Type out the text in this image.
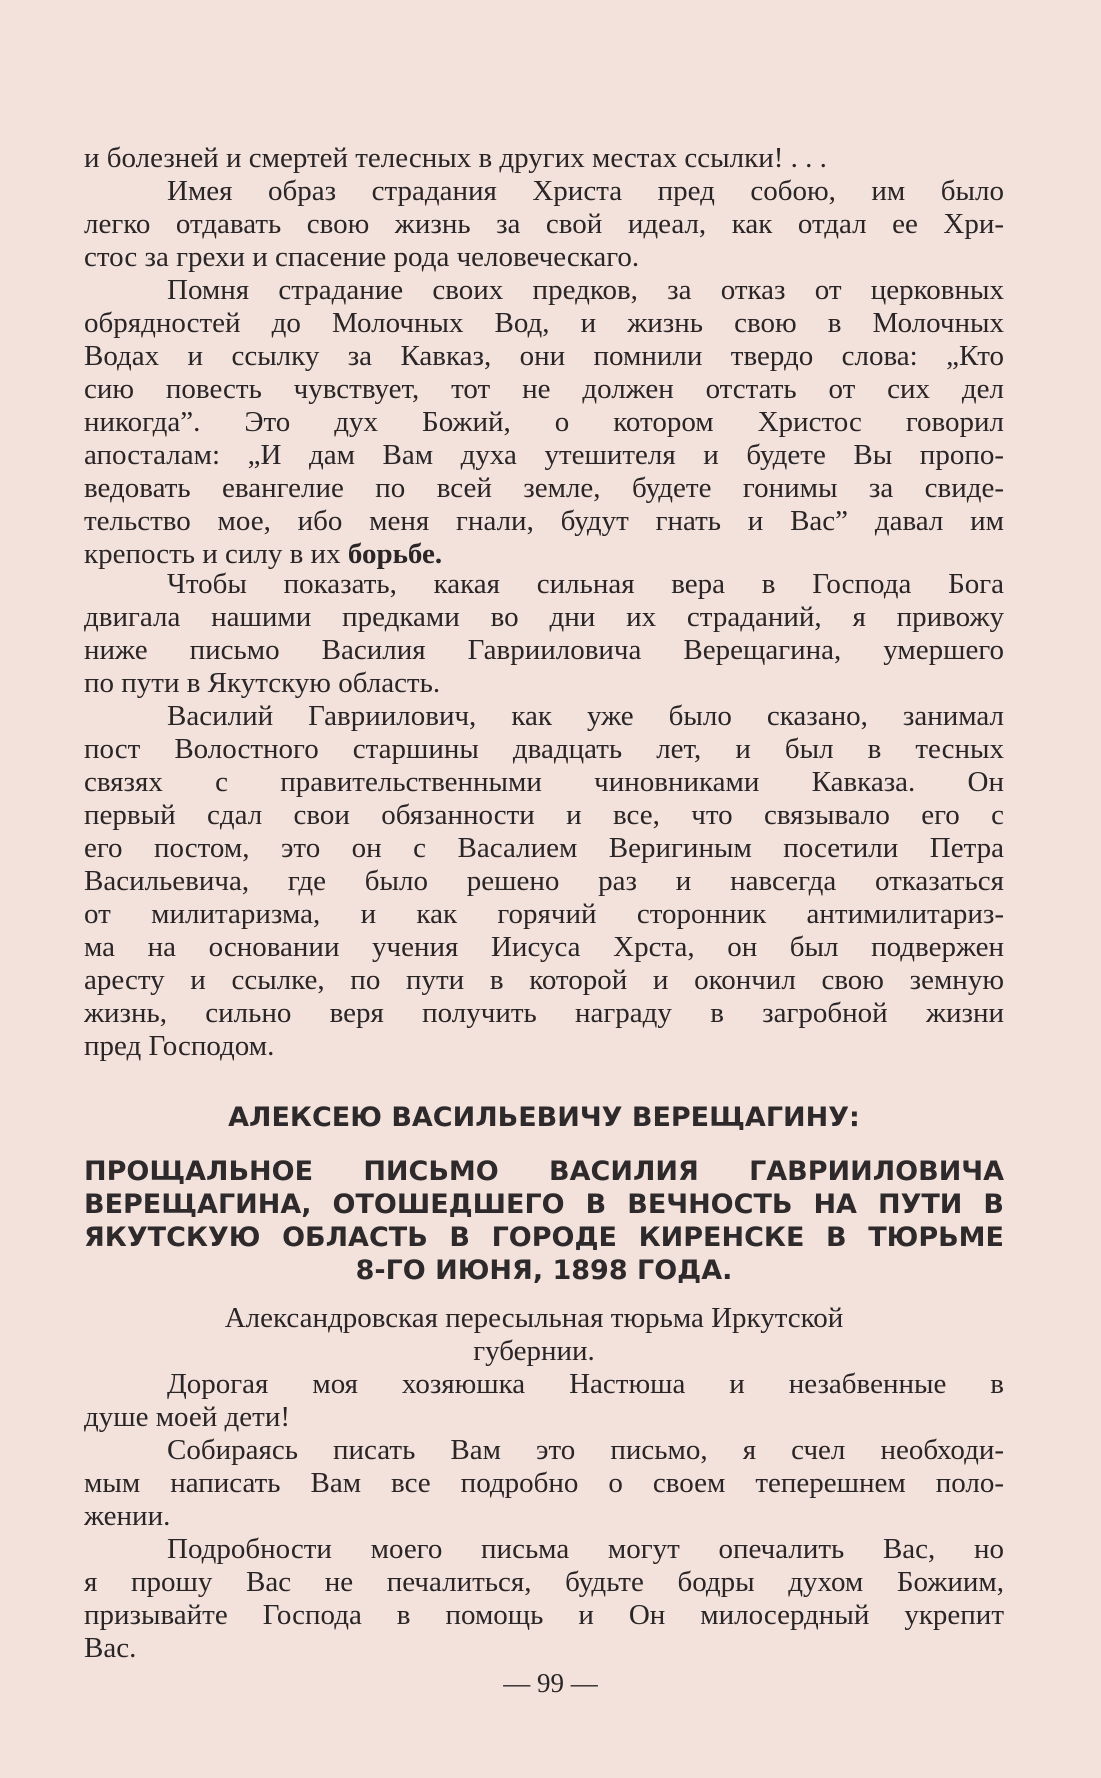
и болезней и смертей телесных в других местах ссылки! . . .
Имея образ страдания Христа пред собою, им было
легко отдавать свою жизнь за свой идеал, как отдал ее Хри-
стос за грехи и спасение рода человеческаго.
Помня страдание своих предков, за отказ от церковных
обрядностей до Молочных Вод, и жизнь свою в Молочных
Водах и ссылку за Кавказ, они помнили твердо слова: „Кто
сию повесть чувствует, тот не должен отстать от сих дел
никогда”. Это дух Божий, о котором Христос говорил
апосталам: „И дам Вам духа утешителя и будете Вы пропо-
ведовать евангелие по всей земле, будете гонимы за свиде-
тельство мое, ибо меня гнали, будут гнать и Вас” давал им
крепость и силу в их борьбе.
Чтобы показать, какая сильная вера в Господа Бога
двигала нашими предками во дни их страданий, я привожу
ниже письмо Василия Гаврииловича Верещагина, умершего
по пути в Якутскую область.
Василий Гавриилович, как уже было сказано, занимал
пост Волостного старшины двадцать лет, и был в тесных
связях с правительственными чиновниками Кавказа. Он
первый сдал свои обязанности и все, что связывало его с
его постом, это он с Васалием Веригиным посетили Петра
Васильевича, где было решено раз и навсегда отказаться
от милитаризма, и как горячий сторонник антимилитариз-
ма на основании учения Иисуса Хрста, он был подвержен
аресту и ссылке, по пути в которой и окончил свою земную
жизнь, сильно веря получить награду в загробной жизни
пред Господом.
АЛЕКСЕЮ ВАСИЛЬЕВИЧУ ВЕРЕЩАГИНУ:
ПРОЩАЛЬНОЕ ПИСЬМО ВАСИЛИЯ ГАВРИИЛОВИЧА
ВЕРЕЩАГИНА, ОТОШЕДШЕГО В ВЕЧНОСТЬ НА ПУТИ В
ЯКУТСКУЮ ОБЛАСТЬ В ГОРОДЕ КИРЕНСКЕ В ТЮРЬМЕ
8-ГО ИЮНЯ, 1898 ГОДА.
Александровская пересыльная тюрьма Иркутской
губернии.
Дорогая моя хозяюшка Настюша и незабвенные в
душе моей дети!
Собираясь писать Вам это письмо, я счел необходи-
мым написать Вам все подробно о своем теперешнем поло-
жении.
Подробности моего письма могут опечалить Вас, но
я прошу Вас не печалиться, будьте бодры духом Божиим,
призывайте Господа в помощь и Он милосердный укрепит
Вас.
— 99 —
